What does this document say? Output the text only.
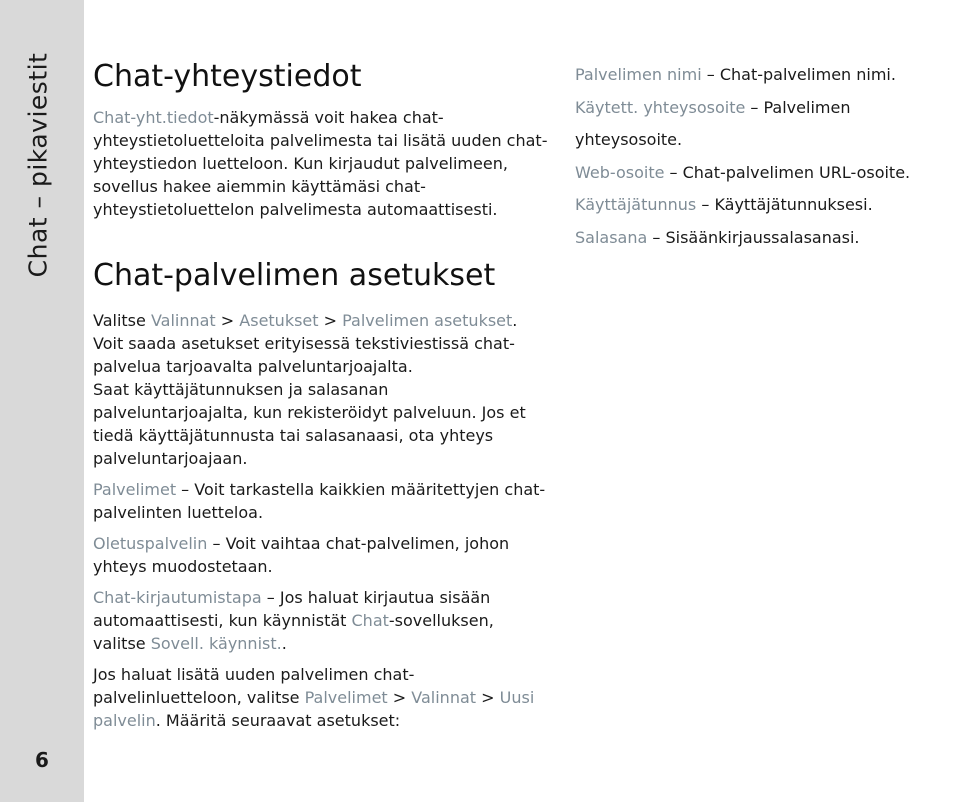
Chat – pikaviestit
6
Chat-yhteystiedot

Chat-yht.tiedot-näkymässä voit hakea chat-yhteystietoluetteloita palvelimesta tai lisätä uuden chat-yhteystiedon luetteloon. Kun kirjaudut palvelimeen, sovellus hakee aiemmin käyttämäsi chat-yhteystietoluettelon palvelimesta automaattisesti.

Chat-palvelimen asetukset

Valitse Valinnat > Asetukset > Palvelimen asetukset.

Voit saada asetukset erityisessä tekstiviestissä chat-palvelua tarjoavalta palveluntarjoajalta.

Saat käyttäjätunnuksen ja salasanan palveluntarjoajalta, kun rekisteröidyt palveluun. Jos et tiedä käyttäjätunnusta tai salasanaasi, ota yhteys palveluntarjoajaan.

Palvelimet – Voit tarkastella kaikkien määritettyjen chat-palvelinten luetteloa.

Oletuspalvelin – Voit vaihtaa chat-palvelimen, johon yhteys muodostetaan.

Chat-kirjautumistapa – Jos haluat kirjautua sisään automaattisesti, kun käynnistät Chat-sovelluksen, valitse Sovell. käynnist..

Jos haluat lisätä uuden palvelimen chat-palvelinluetteloon, valitse Palvelimet > Valinnat > Uusi palvelin. Määritä seuraavat asetukset:

Palvelimen nimi – Chat-palvelimen nimi.

Käytett. yhteysosoite – Palvelimen yhteysosoite.

Web-osoite – Chat-palvelimen URL-osoite.

Käyttäjätunnus – Käyttäjätunnuksesi.

Salasana – Sisäänkirjaussalasanasi.
